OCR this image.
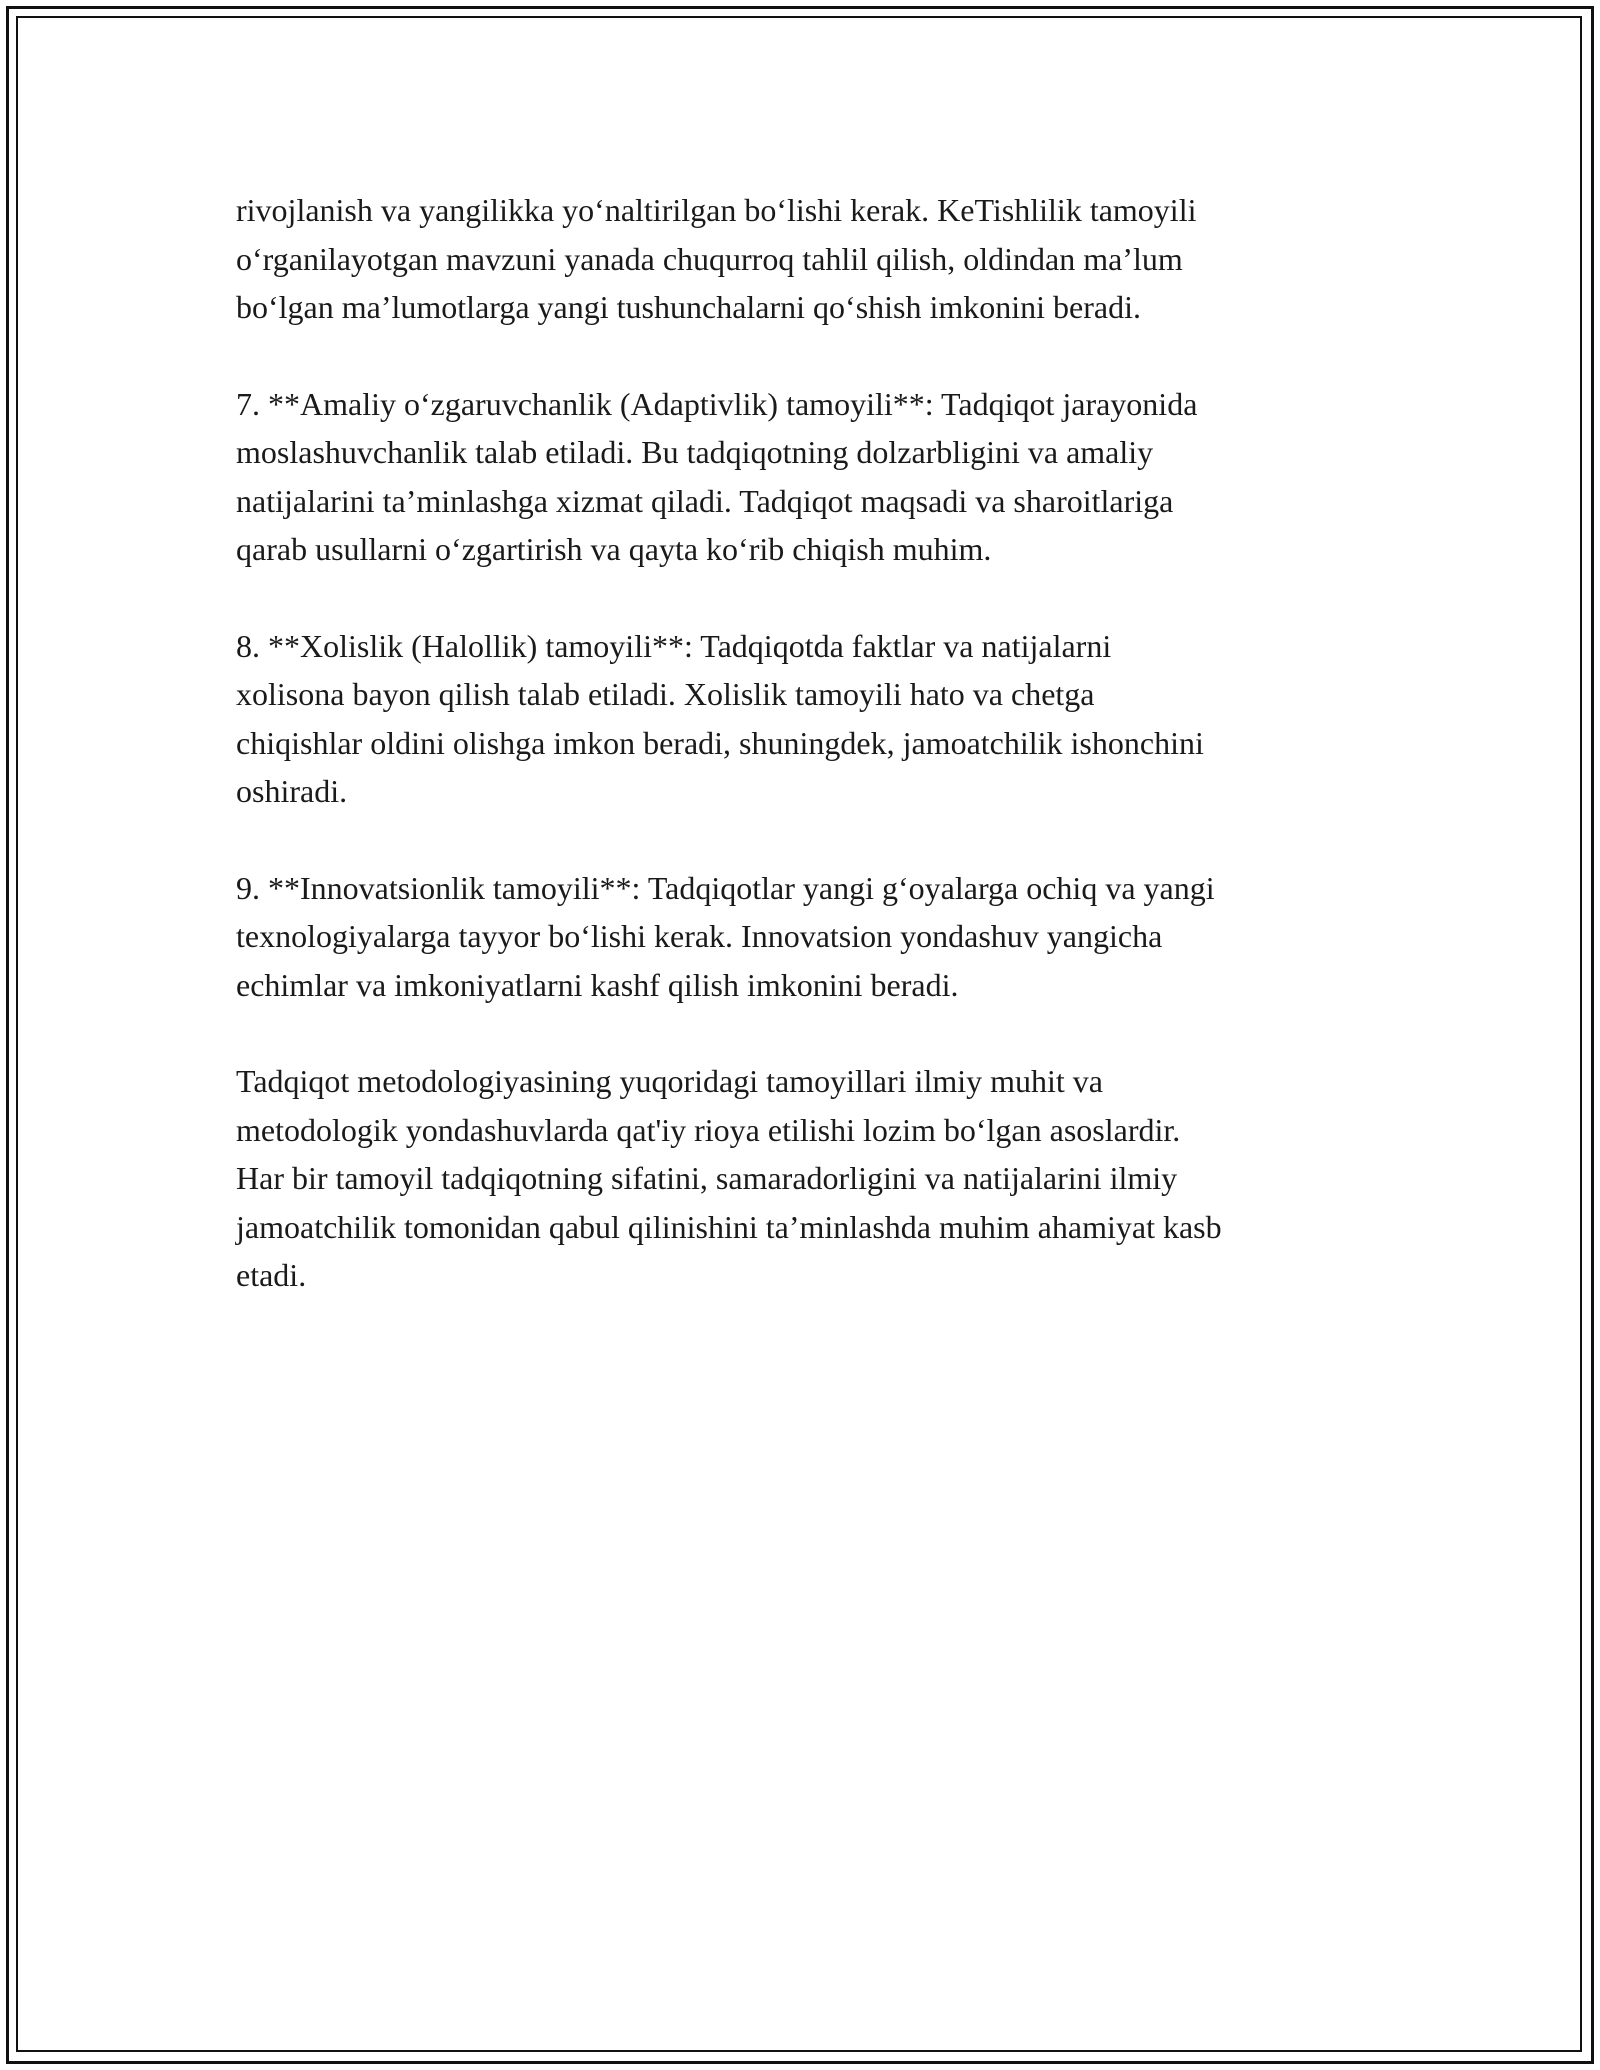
rivojlanish va yangilikka yo‘naltirilgan bo‘lishi kerak. KeTishlilik tamoyili
o‘rganilayotgan mavzuni yanada chuqurroq tahlil qilish, oldindan ma’lum
bo‘lgan ma’lumotlarga yangi tushunchalarni qo‘shish imkonini beradi.

7. **Amaliy o‘zgaruvchanlik (Adaptivlik) tamoyili**: Tadqiqot jarayonida
moslashuvchanlik talab etiladi. Bu tadqiqotning dolzarbligini va amaliy
natijalarini ta’minlashga xizmat qiladi. Tadqiqot maqsadi va sharoitlariga
qarab usullarni o‘zgartirish va qayta ko‘rib chiqish muhim.

8. **Xolislik (Halollik) tamoyili**: Tadqiqotda faktlar va natijalarni
xolisona bayon qilish talab etiladi. Xolislik tamoyili hato va chetga
chiqishlar oldini olishga imkon beradi, shuningdek, jamoatchilik ishonchini
oshiradi.

9. **Innovatsionlik tamoyili**: Tadqiqotlar yangi g‘oyalarga ochiq va yangi
texnologiyalarga tayyor bo‘lishi kerak. Innovatsion yondashuv yangicha
echimlar va imkoniyatlarni kashf qilish imkonini beradi.

Tadqiqot metodologiyasining yuqoridagi tamoyillari ilmiy muhit va
metodologik yondashuvlarda qat'iy rioya etilishi lozim bo‘lgan asoslardir.
Har bir tamoyil tadqiqotning sifatini, samaradorligini va natijalarini ilmiy
jamoatchilik tomonidan qabul qilinishini ta’minlashda muhim ahamiyat kasb
etadi.
